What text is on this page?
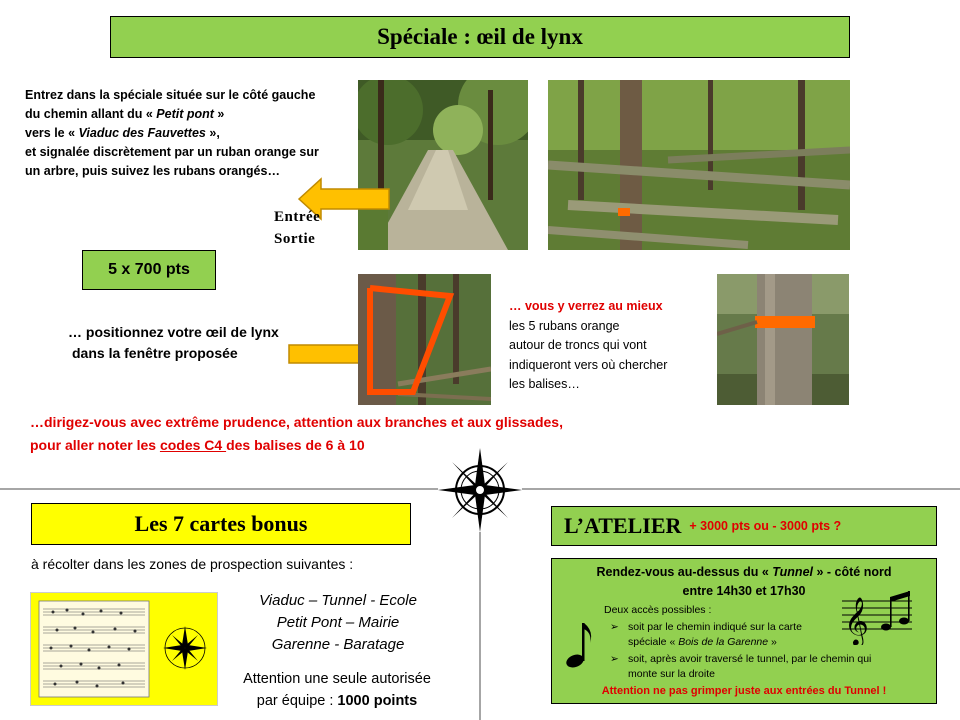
Spéciale : œil de lynx
Entrez dans la spéciale située sur le côté gauche
du chemin allant du « Petit pont »
vers le « Viaduc des Fauvettes »,
et signalée discrètement par un ruban orange sur
un arbre, puis suivez les rubans orangés…
Entrée
Sortie
5 x 700 pts
… positionnez votre œil de lynx
dans la fenêtre proposée
… vous y verrez au mieux
les 5 rubans orange
autour de troncs qui vont
indiqueront vers où chercher
les balises…
…dirigez-vous avec extrême prudence, attention aux branches et aux glissades,
pour aller noter les codes C4 des balises de 6 à 10
Les 7 cartes bonus
à récolter dans les zones de prospection suivantes :
Viaduc – Tunnel - Ecole
Petit Pont – Mairie
Garenne - Baratage
Attention une seule autorisée
par équipe : 1000 points
L’ATELIER + 3000 pts ou - 3000 pts ?
Rendez-vous au-dessus du « Tunnel » - côté nord
entre 14h30 et 17h30
Deux accès possibles :
➢ soit par le chemin indiqué sur la carte
spéciale « Bois de la Garenne »
➢ soit, après avoir traversé le tunnel, par le chemin qui
monte sur la droite
Attention ne pas grimper juste aux entrées du Tunnel !
𝄞
